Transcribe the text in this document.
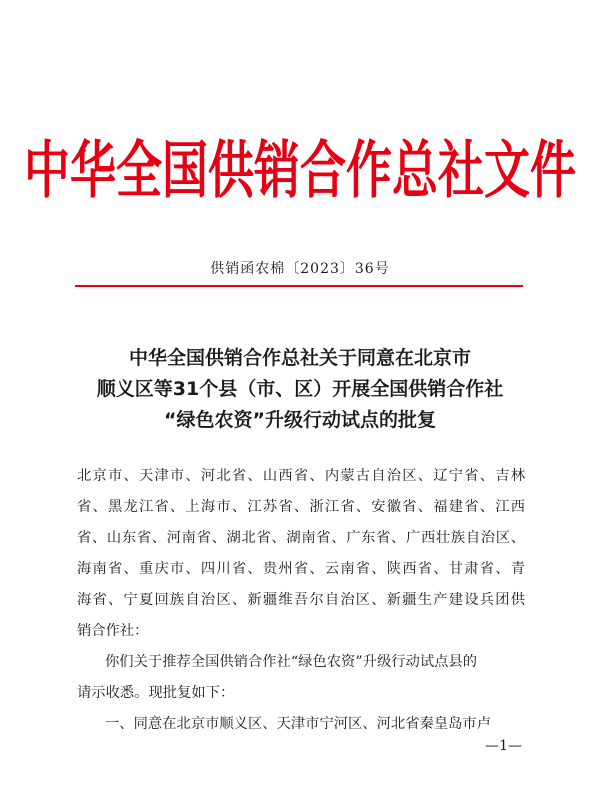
中华全国供销合作总社文件
供销函农棉〔2023〕36号
中华全国供销合作总社关于同意在北京市
顺义区等31个县（市、区）开展全国供销合作社
“绿色农资”升级行动试点的批复
北京市、天津市、河北省、山西省、内蒙古自治区、辽宁省、吉林
省、黑龙江省、上海市、江苏省、浙江省、安徽省、福建省、江西
省、山东省、河南省、湖北省、湖南省、广东省、广西壮族自治区、
海南省、重庆市、四川省、贵州省、云南省、陕西省、甘肃省、青
海省、宁夏回族自治区、新疆维吾尔自治区、新疆生产建设兵团供
销合作社：
你们关于推荐全国供销合作社“绿色农资”升级行动试点县的
请示收悉。现批复如下：
一、同意在北京市顺义区、天津市宁河区、河北省秦皇岛市卢
—1—
